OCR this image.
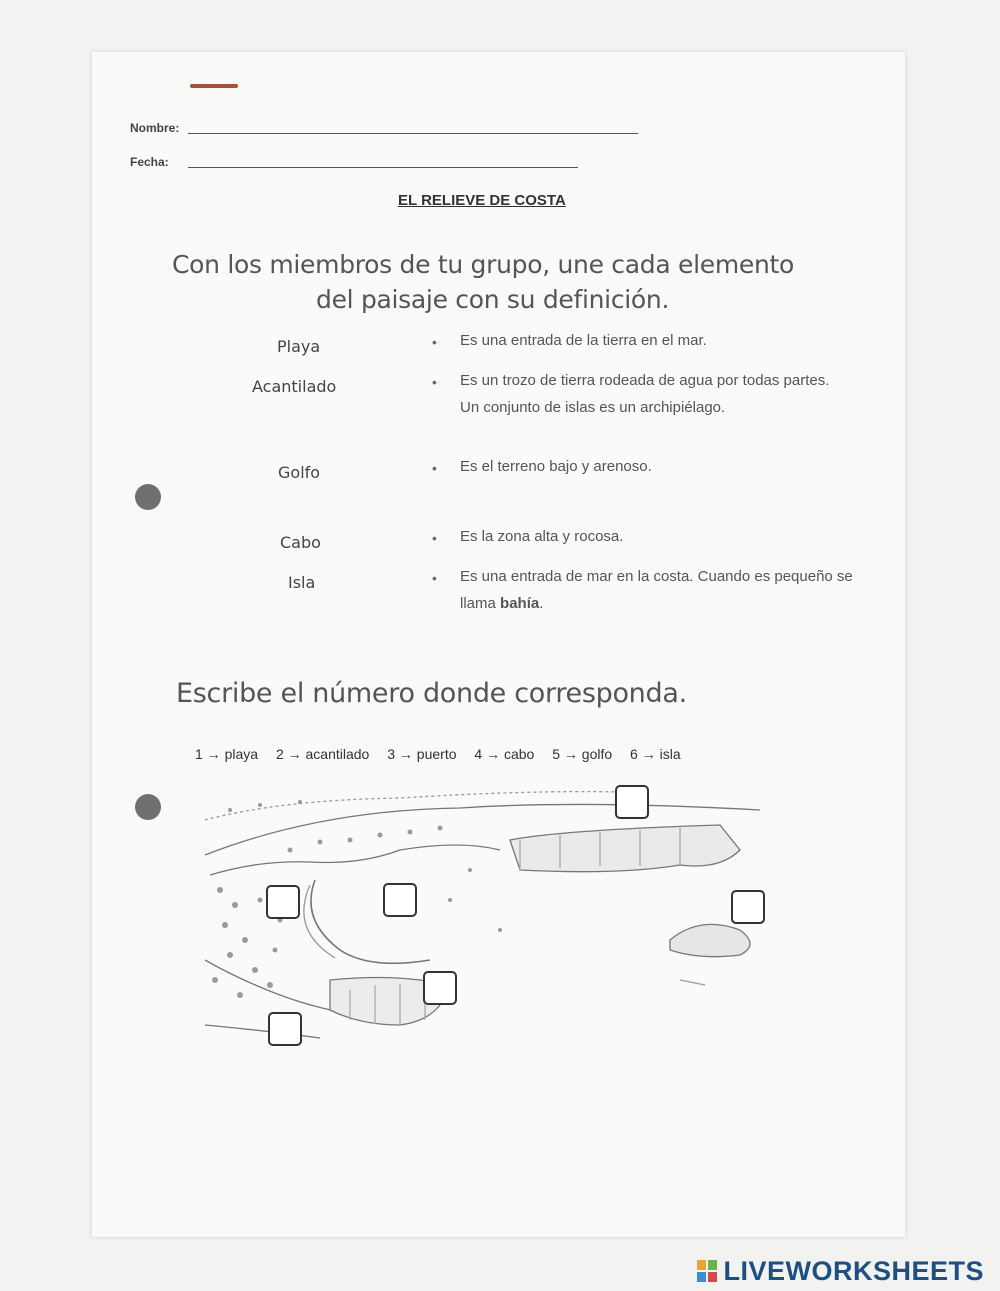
Nombre:
Fecha:
EL RELIEVE DE COSTA
Con los miembros de tu grupo, une cada elemento
del paisaje con su definición.
Playa
Acantilado
Golfo
Cabo
Isla
•
•
•
•
•
Es una entrada de la tierra en el mar.
Es un trozo de tierra rodeada de agua por todas partes. Un conjunto de islas es un archipiélago.
Es el terreno bajo y arenoso.
Es la zona alta y rocosa.
Es una entrada de mar en la costa. Cuando es pequeño se llama bahía.
Escribe el número donde corresponda.
1 → playa 2 → acantilado 3 → puerto 4 → cabo 5 → golfo 6 → isla
LIVEWORKSHEETS
